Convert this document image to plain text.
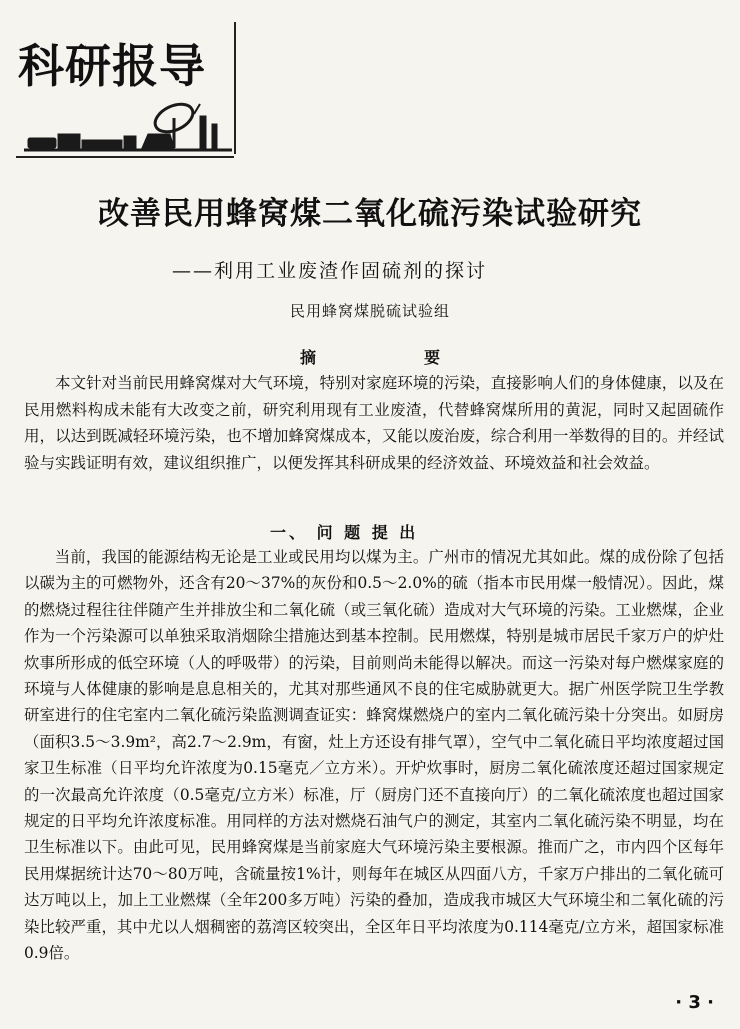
科研报导
改善民用蜂窝煤二氧化硫污染试验研究
——利用工业废渣作固硫剂的探讨
民用蜂窝煤脱硫试验组
摘	要

本文针对当前民用蜂窝煤对大气环境，特别对家庭环境的污染，直接影响人们的身体健康，以及在民用燃料构成未能有大改变之前，研究利用现有工业废渣，代替蜂窝煤所用的黄泥，同时又起固硫作用，以达到既减轻环境污染，也不增加蜂窝煤成本，又能以废治废，综合利用一举数得的目的。并经试验与实践证明有效，建议组织推广，以便发挥其科研成果的经济效益、环境效益和社会效益。

一、 问 题 提 出

当前，我国的能源结构无论是工业或民用均以煤为主。广州市的情况尤其如此。煤的成份除了包括以碳为主的可燃物外，还含有20～37%的灰份和0.5～2.0%的硫（指本市民用煤一般情况）。因此，煤的燃烧过程往往伴随产生并排放尘和二氧化硫（或三氧化硫）造成对大气环境的污染。工业燃煤，企业作为一个污染源可以单独采取消烟除尘措施达到基本控制。民用燃煤，特别是城市居民千家万户的炉灶炊事所形成的低空环境（人的呼吸带）的污染，目前则尚未能得以解决。而这一污染对每户燃煤家庭的环境与人体健康的影响是息息相关的，尤其对那些通风不良的住宅威胁就更大。据广州医学院卫生学教研室进行的住宅室内二氧化硫污染监测调查证实：蜂窝煤燃烧户的室内二氧化硫污染十分突出。如厨房（面积3.5～3.9m²，高2.7～2.9m，有窗，灶上方还设有排气罩），空气中二氧化硫日平均浓度超过国家卫生标准（日平均允许浓度为0.15毫克／立方米）。开炉炊事时，厨房二氧化硫浓度还超过国家规定的一次最高允许浓度（0.5毫克/立方米）标准，厅（厨房门还不直接向厅）的二氧化硫浓度也超过国家规定的日平均允许浓度标准。用同样的方法对燃烧石油气户的测定，其室内二氧化硫污染不明显，均在卫生标准以下。由此可见，民用蜂窝煤是当前家庭大气环境污染主要根源。推而广之，市内四个区每年民用煤据统计达70～80万吨，含硫量按1%计，则每年在城区从四面八方，千家万户排出的二氧化硫可达万吨以上，加上工业燃煤（全年200多万吨）污染的叠加，造成我市城区大气环境尘和二氧化硫的污染比较严重，其中尤以人烟稠密的荔湾区较突出，全区年日平均浓度为0.114毫克/立方米，超国家标准0.9倍。

· 3 ·
